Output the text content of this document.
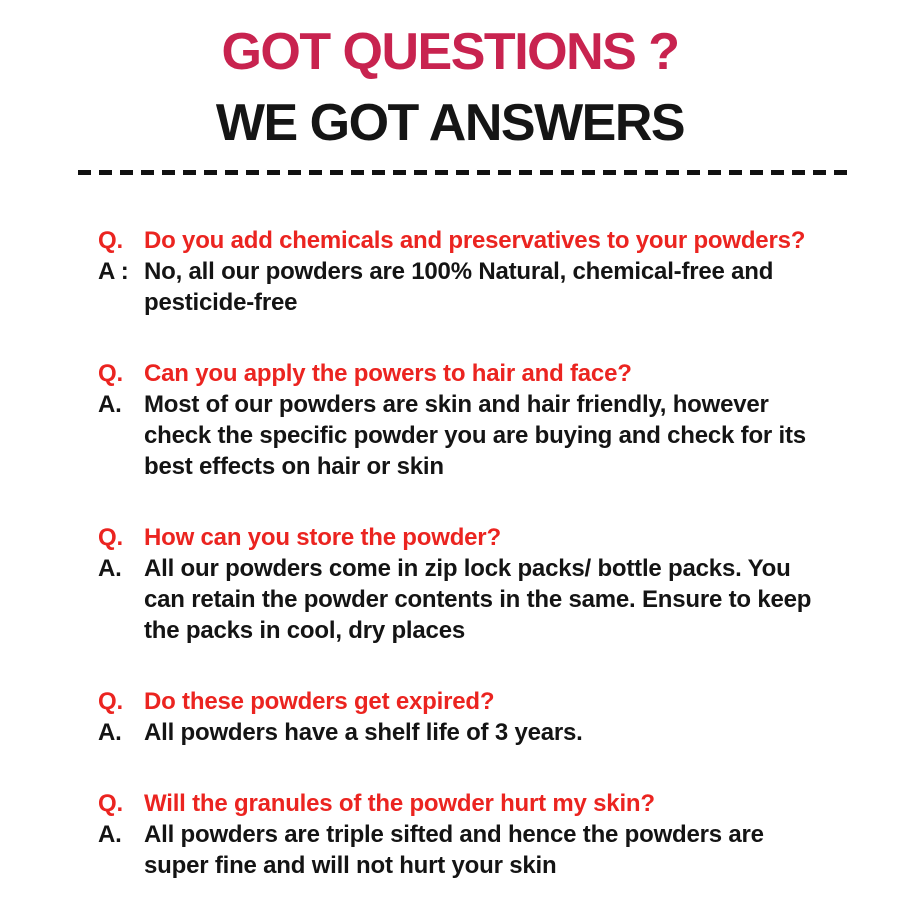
GOT QUESTIONS ?
WE GOT ANSWERS
Q. Do you add chemicals and preservatives to your powders?
A : No, all our powders are 100% Natural, chemical-free and pesticide-free
Q. Can you apply the powers to hair and face?
A. Most of our powders are skin and hair friendly, however check the specific powder you are buying and check for its best effects on hair or skin
Q. How can you store the powder?
A. All our powders come in zip lock packs/ bottle packs. You can retain the powder contents in the same. Ensure to keep the packs in cool, dry places
Q. Do these powders get expired?
A. All powders have a shelf life of 3 years.
Q. Will the granules of the powder hurt my skin?
A. All powders are triple sifted and hence the powders are super fine and will not hurt your skin
